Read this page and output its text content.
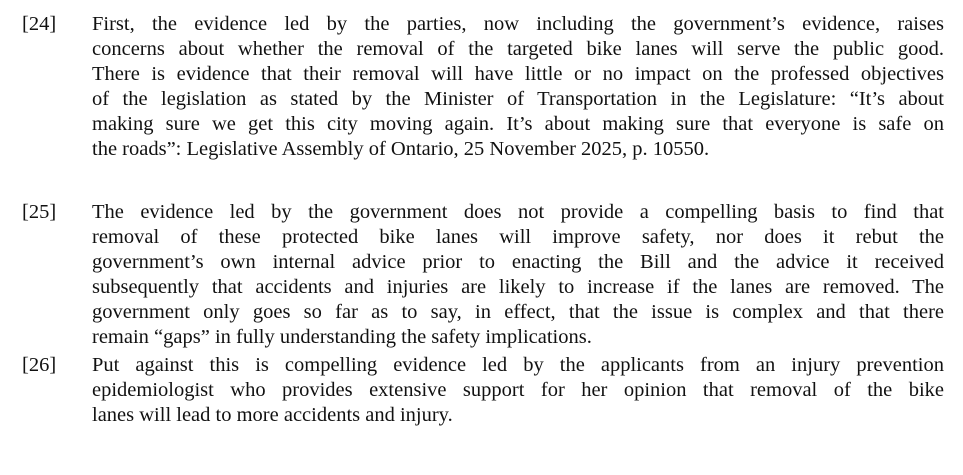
[24] First, the evidence led by the parties, now including the government’s evidence, raises
concerns about whether the removal of the targeted bike lanes will serve the public good.
There is evidence that their removal will have little or no impact on the professed objectives
of the legislation as stated by the Minister of Transportation in the Legislature: “It’s about
making sure we get this city moving again. It’s about making sure that everyone is safe on
the roads”: Legislative Assembly of Ontario, 25 November 2025, p. 10550.
[25] The evidence led by the government does not provide a compelling basis to find that
removal of these protected bike lanes will improve safety, nor does it rebut the
government’s own internal advice prior to enacting the Bill and the advice it received
subsequently that accidents and injuries are likely to increase if the lanes are removed. The
government only goes so far as to say, in effect, that the issue is complex and that there
remain “gaps” in fully understanding the safety implications.
[26] Put against this is compelling evidence led by the applicants from an injury prevention
epidemiologist who provides extensive support for her opinion that removal of the bike
lanes will lead to more accidents and injury.
